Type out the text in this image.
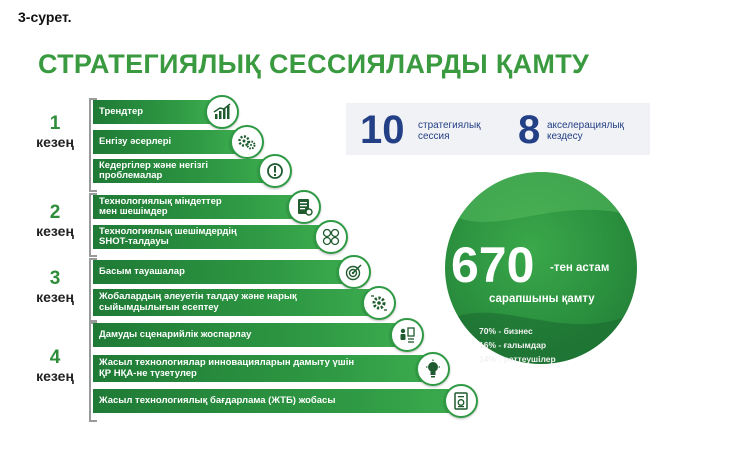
3-сурет.
СТРАТЕГИЯЛЫҚ СЕССИЯЛАРДЫ ҚАМТУ
1
кезең
2
кезең
3
кезең
4
кезең
Трендтер
Енгізу әсерлері
Кедергілер және негізгі
проблемалар
Технологиялық міндеттер
мен шешімдер
Технологиялық шешімдердің
SHOT-талдауы
Басым тауашалар
Жобалардың әлеуетін талдау және нарық
сыйымдылығын есептеу
Дамуды сценарийлік жоспарлау
Жасыл технологиялар инновацияларын дамыту үшін
ҚР НҚА-не түзетулер
Жасыл технологиялық бағдарлама (ЖТБ) жобасы
10 стратегиялық
сессия	8 акселерациялық
кездесу
670 -тен астам
сарапшыны қамту
70% - бизнес
16% - ғалымдар
14% - реттеушілер
